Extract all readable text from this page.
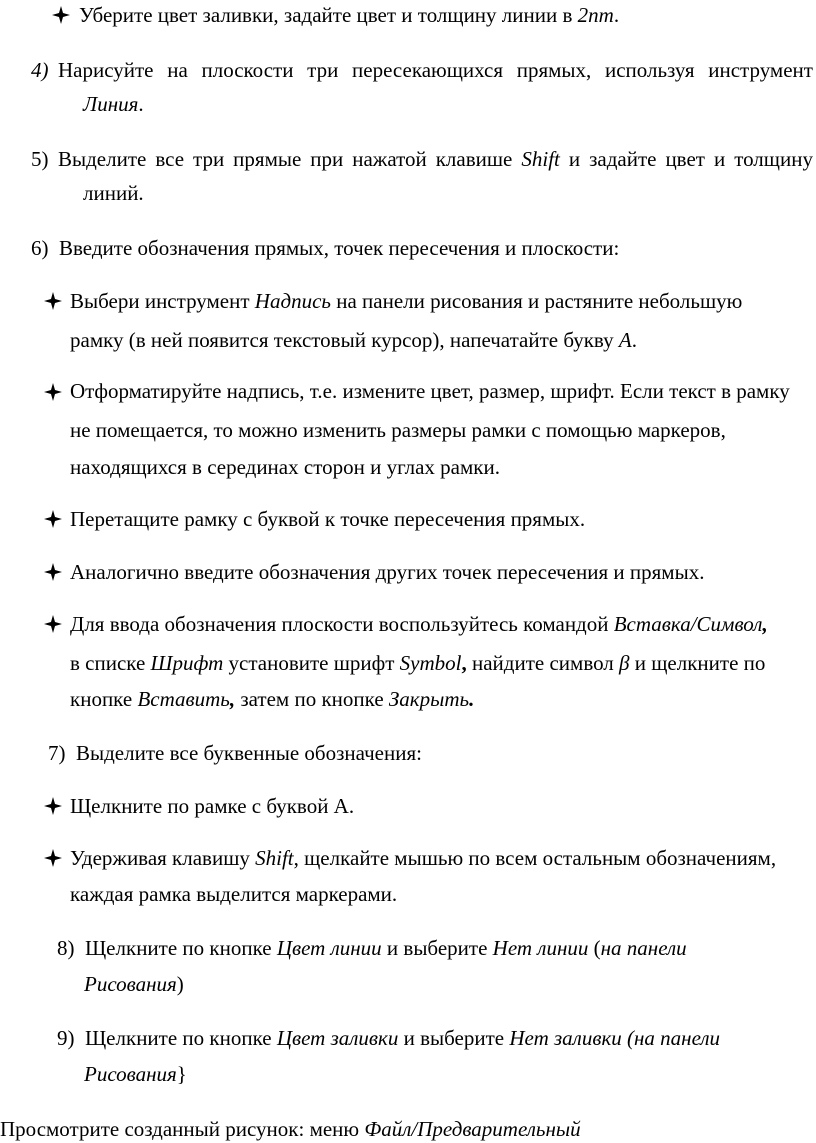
Уберите цвет заливки, задайте цвет и толщину линии в 2пт.
4) Нарисуйте на плоскости три пересекающихся прямых, используя инструмент
Линия.
5) Выделите все три прямые при нажатой клавише Shift и задайте цвет и толщину
линий.
6) Введите обозначения прямых, точек пересечения и плоскости:
Выбери инструмент Надпись на панели рисования и растяните небольшую
рамку (в ней появится текстовый курсор), напечатайте букву А.
Отформатируйте надпись, т.е. измените цвет, размер, шрифт. Если текст в рамку
не помещается, то можно изменить размеры рамки с помощью маркеров,
находящихся в серединах сторон и углах рамки.
Перетащите рамку с буквой к точке пересечения прямых.
Аналогично введите обозначения других точек пересечения и прямых.
Для ввода обозначения плоскости воспользуйтесь командой Вставка/Символ,
в списке Шрифт установите шрифт Symbol, найдите символ β и щелкните по
кнопке Вставить, затем по кнопке Закрыть.
7) Выделите все буквенные обозначения:
Щелкните по рамке с буквой А.
Удерживая клавишу Shift, щелкайте мышью по всем остальным обозначениям,
каждая рамка выделится маркерами.
8) Щелкните по кнопке Цвет линии и выберите Нет линии (на панели
Рисования)
9) Щелкните по кнопке Цвет заливки и выберите Нет заливки (на панели
Рисования}
Просмотрите созданный рисунок: меню Файл/Предварительный
